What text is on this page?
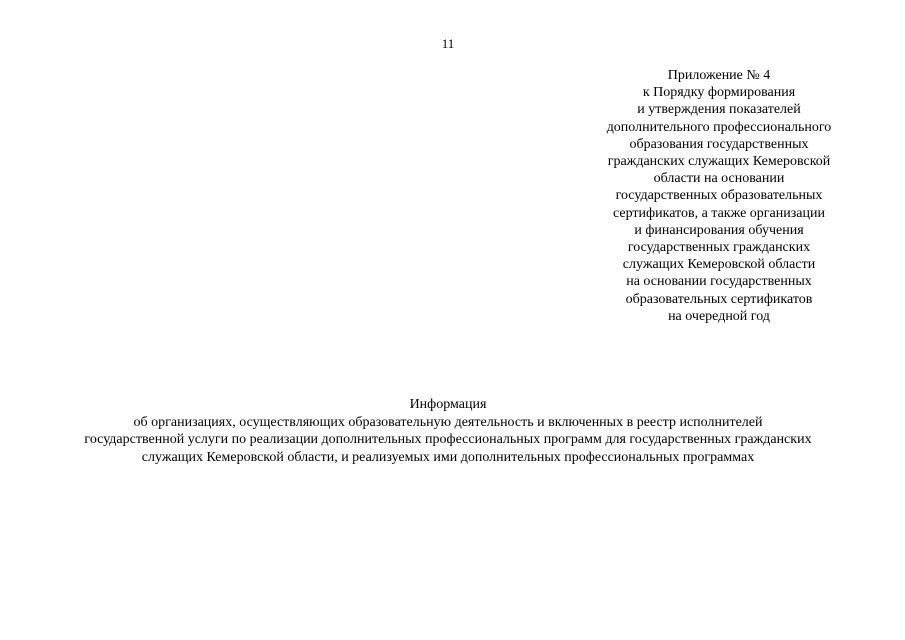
11
Приложение № 4
к Порядку формирования
и утверждения показателей
дополнительного профессионального
образования государственных
гражданских служащих Кемеровской
области на основании
государственных образовательных
сертификатов, а также организации
и финансирования обучения
государственных гражданских
служащих Кемеровской области
на основании государственных
образовательных сертификатов
на очередной год
Информация
об организациях, осуществляющих образовательную деятельность и включенных в реестр исполнителей
государственной услуги по реализации дополнительных профессиональных программ для государственных гражданских
служащих Кемеровской области, и реализуемых ими дополнительных профессиональных программах
